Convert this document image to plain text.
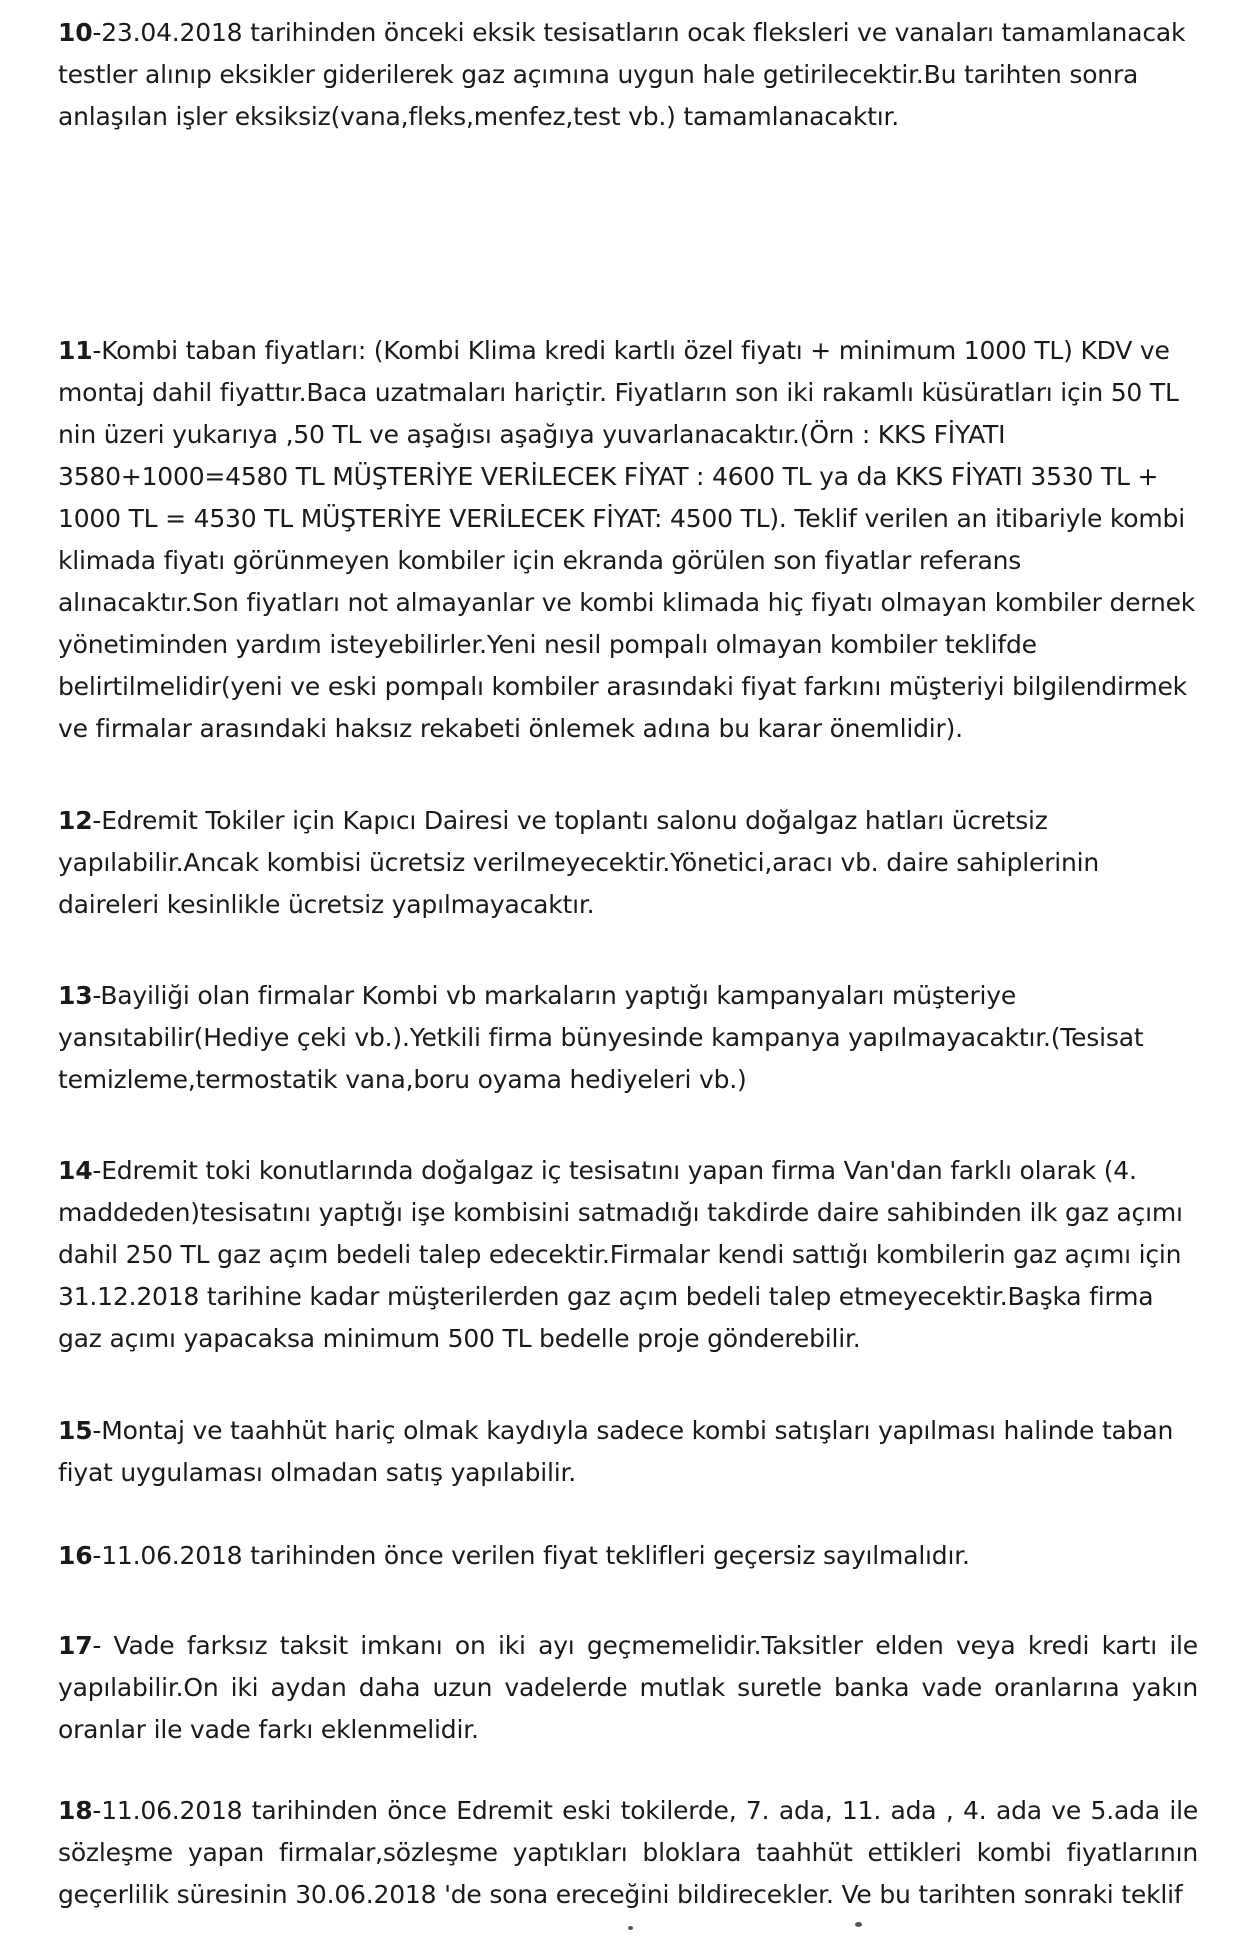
10-23.04.2018 tarihinden önceki eksik tesisatların ocak fleksleri ve vanaları tamamlanacak testler alınıp eksikler giderilerek gaz açımına uygun hale getirilecektir.Bu tarihten sonra anlaşılan işler eksiksiz(vana,fleks,menfez,test vb.) tamamlanacaktır.

11-Kombi taban fiyatları: (Kombi Klima kredi kartlı özel fiyatı + minimum 1000 TL) KDV ve montaj dahil fiyattır.Baca uzatmaları hariçtir. Fiyatların son iki rakamlı küsüratları için 50 TL nin üzeri yukarıya ,50 TL ve aşağısı aşağıya yuvarlanacaktır.(Örn : KKS FİYATI 3580+1000=4580 TL MÜŞTERİYE VERİLECEK FİYAT : 4600 TL ya da KKS FİYATI 3530 TL + 1000 TL = 4530 TL MÜŞTERİYE VERİLECEK FİYAT: 4500 TL). Teklif verilen an itibariyle kombi klimada fiyatı görünmeyen kombiler için ekranda görülen son fiyatlar referans alınacaktır.Son fiyatları not almayanlar ve kombi klimada hiç fiyatı olmayan kombiler dernek yönetiminden yardım isteyebilirler.Yeni nesil pompalı olmayan kombiler teklifde belirtilmelidir(yeni ve eski pompalı kombiler arasındaki fiyat farkını müşteriyi bilgilendirmek ve firmalar arasındaki haksız rekabeti önlemek adına bu karar önemlidir).

12-Edremit Tokiler için Kapıcı Dairesi ve toplantı salonu doğalgaz hatları ücretsiz yapılabilir.Ancak kombisi ücretsiz verilmeyecektir.Yönetici,aracı vb. daire sahiplerinin daireleri kesinlikle ücretsiz yapılmayacaktır.

13-Bayiliği olan firmalar Kombi vb markaların yaptığı kampanyaları müşteriye yansıtabilir(Hediye çeki vb.).Yetkili firma bünyesinde kampanya yapılmayacaktır.(Tesisat temizleme,termostatik vana,boru oyama hediyeleri vb.)

14-Edremit toki konutlarında doğalgaz iç tesisatını yapan firma Van'dan farklı olarak (4. maddeden)tesisatını yaptığı işe kombisini satmadığı takdirde daire sahibinden ilk gaz açımı dahil 250 TL gaz açım bedeli talep edecektir.Firmalar kendi sattığı kombilerin gaz açımı için 31.12.2018 tarihine kadar müşterilerden gaz açım bedeli talep etmeyecektir.Başka firma gaz açımı yapacaksa minimum 500 TL bedelle proje gönderebilir.

15-Montaj ve taahhüt hariç olmak kaydıyla sadece kombi satışları yapılması halinde taban fiyat uygulaması olmadan satış yapılabilir.

16-11.06.2018 tarihinden önce verilen fiyat teklifleri geçersiz sayılmalıdır.

17- Vade farksız taksit imkanı on iki ayı geçmemelidir.Taksitler elden veya kredi kartı ile yapılabilir.On iki aydan daha uzun vadelerde mutlak suretle banka vade oranlarına yakın oranlar ile vade farkı eklenmelidir.

18-11.06.2018 tarihinden önce Edremit eski tokilerde, 7. ada, 11. ada , 4. ada ve 5.ada ile sözleşme yapan firmalar,sözleşme yaptıkları bloklara taahhüt ettikleri kombi fiyatlarının geçerlilik süresinin 30.06.2018 'de sona ereceğini bildirecekler. Ve bu tarihten sonraki teklif
